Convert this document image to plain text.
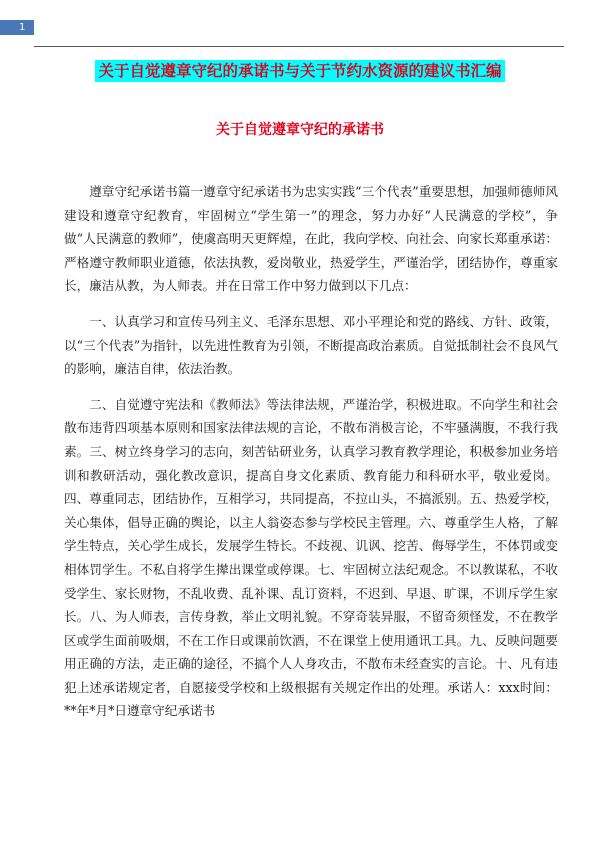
1
关于自觉遵章守纪的承诺书与关于节约水资源的建议书汇编
关于自觉遵章守纪的承诺书

遵章守纪承诺书篇一遵章守纪承诺书为忠实实践“三个代表”重要思想，加强师德师风建设和遵章守纪教育，牢固树立“学生第一”的理念，努力办好“人民满意的学校”，争做“人民满意的教师”，使虞高明天更辉煌，在此，我向学校、向社会、向家长郑重承诺：严格遵守教师职业道德，依法执教，爱岗敬业，热爱学生，严谨治学，团结协作，尊重家长，廉洁从教，为人师表。并在日常工作中努力做到以下几点：

一、认真学习和宣传马列主义、毛泽东思想、邓小平理论和党的路线、方针、政策，以“三个代表”为指针，以先进性教育为引领，不断提高政治素质。自觉抵制社会不良风气的影响，廉洁自律，依法治教。

二、自觉遵守宪法和《教师法》等法律法规，严谨治学，积极进取。不向学生和社会散布违背四项基本原则和国家法律法规的言论，不散布消极言论，不牢骚满腹，不我行我素。三、树立终身学习的志向，刻苦钻研业务，认真学习教育教学理论，积极参加业务培训和教研活动，强化教改意识，提高自身文化素质、教育能力和科研水平，敬业爱岗。四、尊重同志，团结协作，互相学习，共同提高，不拉山头，不搞派别。五、热爱学校，关心集体，倡导正确的舆论，以主人翁姿态参与学校民主管理。六、尊重学生人格，了解学生特点，关心学生成长，发展学生特长。不歧视、讥讽、挖苦、侮辱学生，不体罚或变相体罚学生。不私自将学生撵出课堂或停课。七、牢固树立法纪观念。不以教谋私，不收受学生、家长财物，不乱收费、乱补课、乱订资料，不迟到、早退、旷课，不训斥学生家长。八、为人师表，言传身教，举止文明礼貌。不穿奇装异服，不留奇须怪发，不在教学区或学生面前吸烟，不在工作日或课前饮酒，不在课堂上使用通讯工具。九、反映问题要用正确的方法，走正确的途径，不搞个人人身攻击，不散布未经查实的言论。十、凡有违犯上述承诺规定者，自愿接受学校和上级根据有关规定作出的处理。承诺人：xxx时间：**年*月*日遵章守纪承诺书
